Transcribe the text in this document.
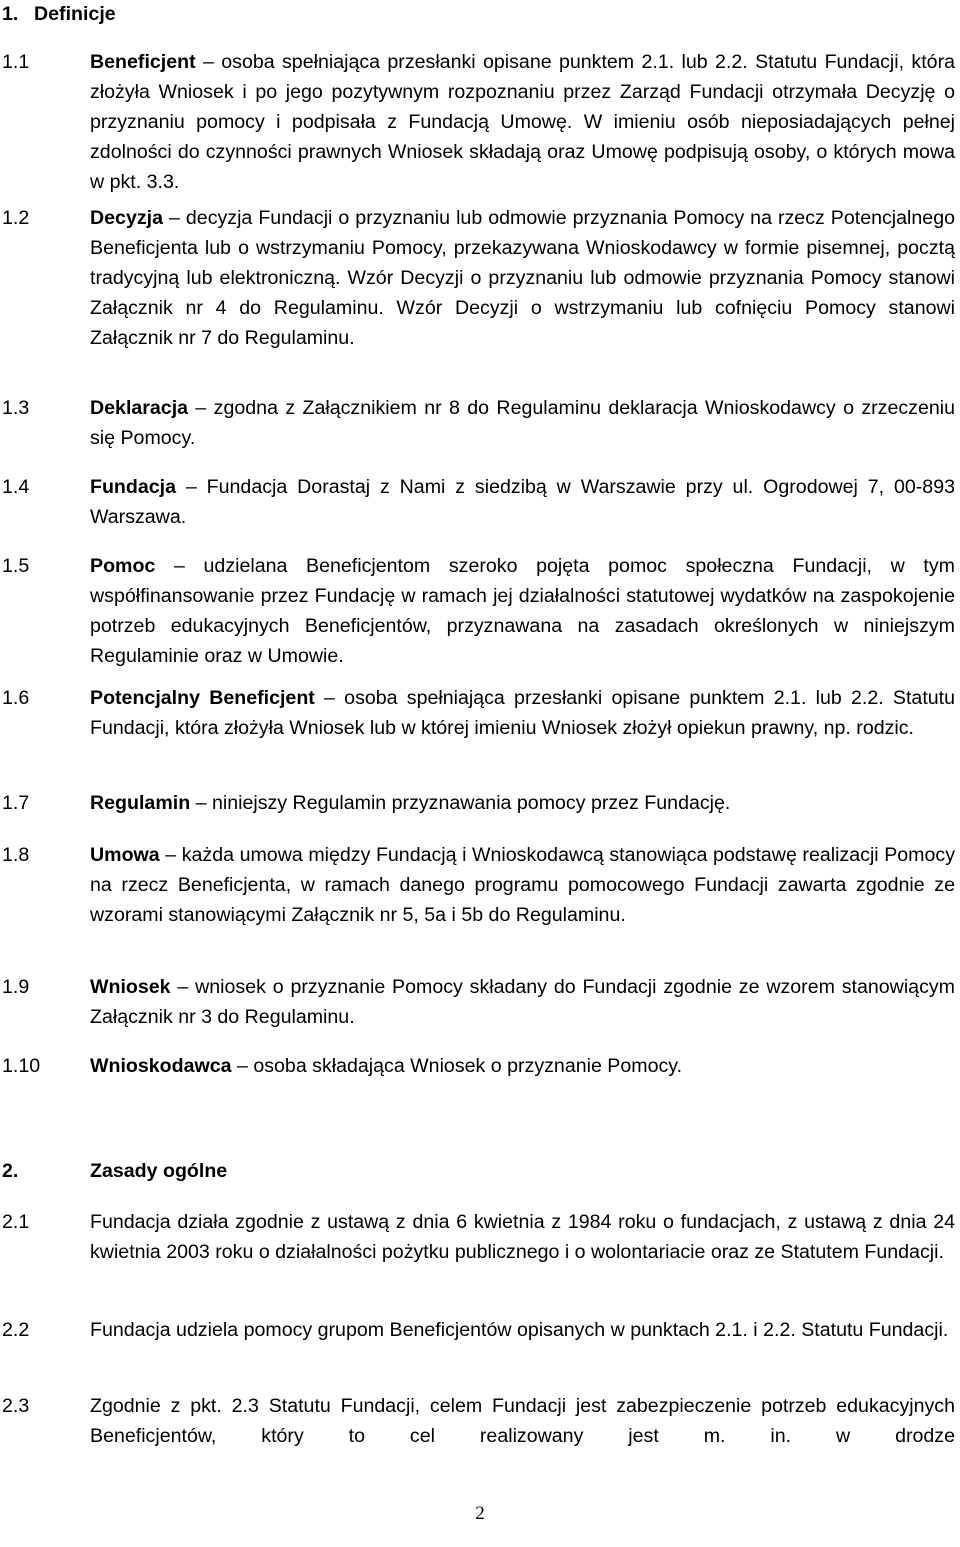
1. Definicje
1.1	Beneficjent – osoba spełniająca przesłanki opisane punktem 2.1. lub 2.2. Statutu Fundacji, która złożyła Wniosek i po jego pozytywnym rozpoznaniu przez Zarząd Fundacji otrzymała Decyzję o przyznaniu pomocy i podpisała z Fundacją Umowę. W imieniu osób nieposiadających pełnej zdolności do czynności prawnych Wniosek składają oraz Umowę podpisują osoby, o których mowa w pkt. 3.3.
1.2	Decyzja – decyzja Fundacji o przyznaniu lub odmowie przyznania Pomocy na rzecz Potencjalnego Beneficjenta lub o wstrzymaniu Pomocy, przekazywana Wnioskodawcy w formie pisemnej, pocztą tradycyjną lub elektroniczną. Wzór Decyzji o przyznaniu lub odmowie przyznania Pomocy stanowi Załącznik nr 4 do Regulaminu. Wzór Decyzji o wstrzymaniu lub cofnięciu Pomocy stanowi Załącznik nr 7 do Regulaminu.
1.3	Deklaracja – zgodna z Załącznikiem nr 8 do Regulaminu deklaracja Wnioskodawcy o zrzeczeniu się Pomocy.
1.4	Fundacja – Fundacja Dorastaj z Nami z siedzibą w Warszawie przy ul. Ogrodowej 7, 00-893 Warszawa.
1.5	Pomoc – udzielana Beneficjentom szeroko pojęta pomoc społeczna Fundacji, w tym współfinansowanie przez Fundację w ramach jej działalności statutowej wydatków na zaspokojenie potrzeb edukacyjnych Beneficjentów, przyznawana na zasadach określonych w niniejszym Regulaminie oraz w Umowie.
1.6	Potencjalny Beneficjent – osoba spełniająca przesłanki opisane punktem 2.1. lub 2.2. Statutu Fundacji, która złożyła Wniosek lub w której imieniu Wniosek złożył opiekun prawny, np. rodzic.
1.7	Regulamin – niniejszy Regulamin przyznawania pomocy przez Fundację.
1.8	Umowa – każda umowa między Fundacją i Wnioskodawcą stanowiąca podstawę realizacji Pomocy na rzecz Beneficjenta, w ramach danego programu pomocowego Fundacji zawarta zgodnie ze wzorami stanowiącymi Załącznik nr 5, 5a i 5b do Regulaminu.
1.9	Wniosek – wniosek o przyznanie Pomocy składany do Fundacji zgodnie ze wzorem stanowiącym Załącznik nr 3 do Regulaminu.
1.10	Wnioskodawca – osoba składająca Wniosek o przyznanie Pomocy.
2.	Zasady ogólne
2.1	Fundacja działa zgodnie z ustawą z dnia 6 kwietnia z 1984 roku o fundacjach, z ustawą z dnia 24 kwietnia 2003 roku o działalności pożytku publicznego i o wolontariacie oraz ze Statutem Fundacji.
2.2	Fundacja udziela pomocy grupom Beneficjentów opisanych w punktach 2.1. i 2.2. Statutu Fundacji.
2.3	Zgodnie z pkt. 2.3 Statutu Fundacji, celem Fundacji jest zabezpieczenie potrzeb edukacyjnych Beneficjentów, który to cel realizowany jest m. in. w drodze
2
